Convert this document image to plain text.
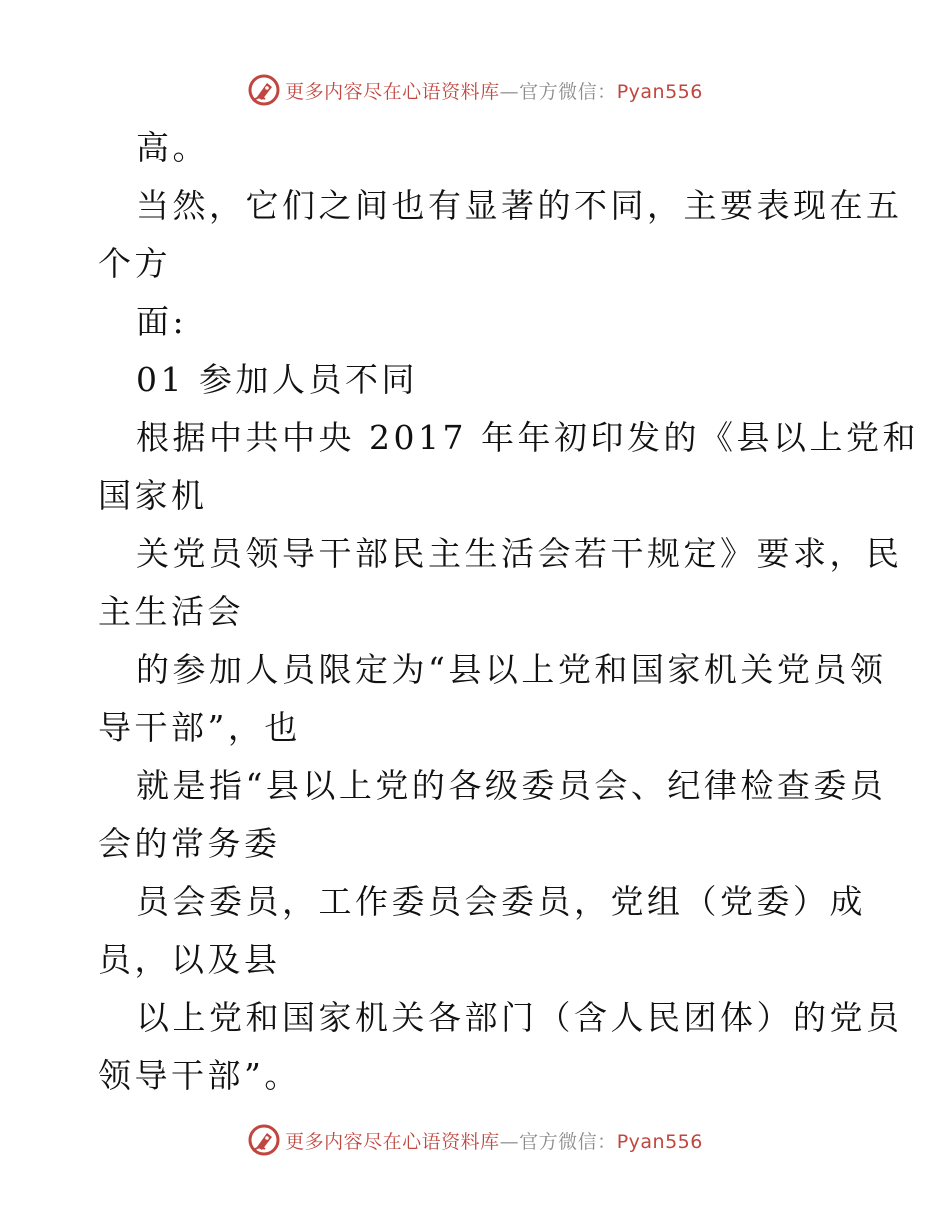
更多内容尽在心语资料库—官方微信：Pyan556
高。
当然，它们之间也有显著的不同，主要表现在五
个方
面:
01 参加人员不同
根据中共中央 2017 年年初印发的《县以上党和
国家机
关党员领导干部民主生活会若干规定》要求，民
主生活会
的参加人员限定为“县以上党和国家机关党员领
导干部”，也
就是指“县以上党的各级委员会、纪律检查委员
会的常务委
员会委员，工作委员会委员，党组（党委）成
员，以及县
以上党和国家机关各部门（含人民团体）的党员
领导干部”。
更多内容尽在心语资料库—官方微信：Pyan556
